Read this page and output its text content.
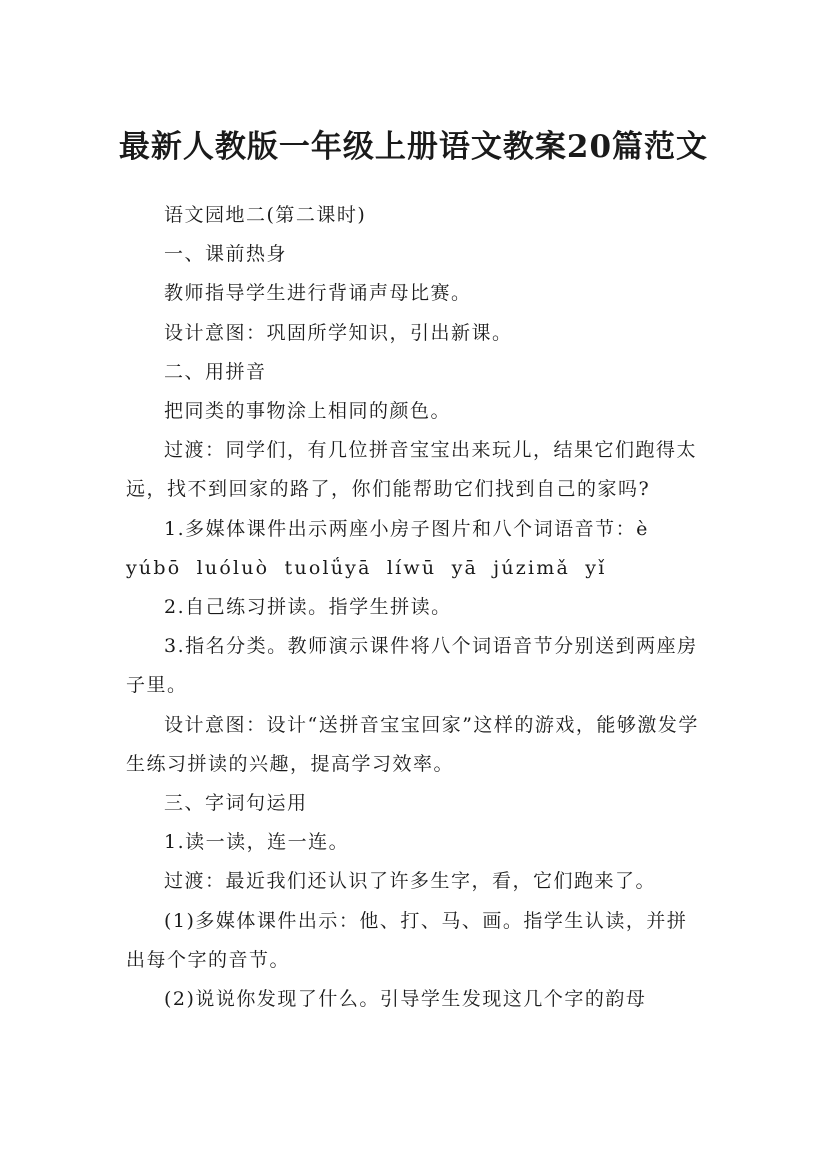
最新人教版一年级上册语文教案20篇范文

语文园地二(第二课时)

一、课前热身

教师指导学生进行背诵声母比赛。

设计意图：巩固所学知识，引出新课。

二、用拼音

把同类的事物涂上相同的颜色。

过渡：同学们，有几位拼音宝宝出来玩儿，结果它们跑得太远，找不到回家的路了，你们能帮助它们找到自己的家吗?

1.多媒体课件出示两座小房子图片和八个词语音节：è

yúbō luóluò tuolǘyā líwū yā júzimǎ yǐ

2.自己练习拼读。指学生拼读。

3.指名分类。教师演示课件将八个词语音节分别送到两座房子里。

设计意图：设计“送拼音宝宝回家”这样的游戏，能够激发学生练习拼读的兴趣，提高学习效率。

三、字词句运用

1.读一读，连一连。

过渡：最近我们还认识了许多生字，看，它们跑来了。

(1)多媒体课件出示：他、打、马、画。指学生认读，并拼出每个字的音节。

(2)说说你发现了什么。引导学生发现这几个字的韵母
